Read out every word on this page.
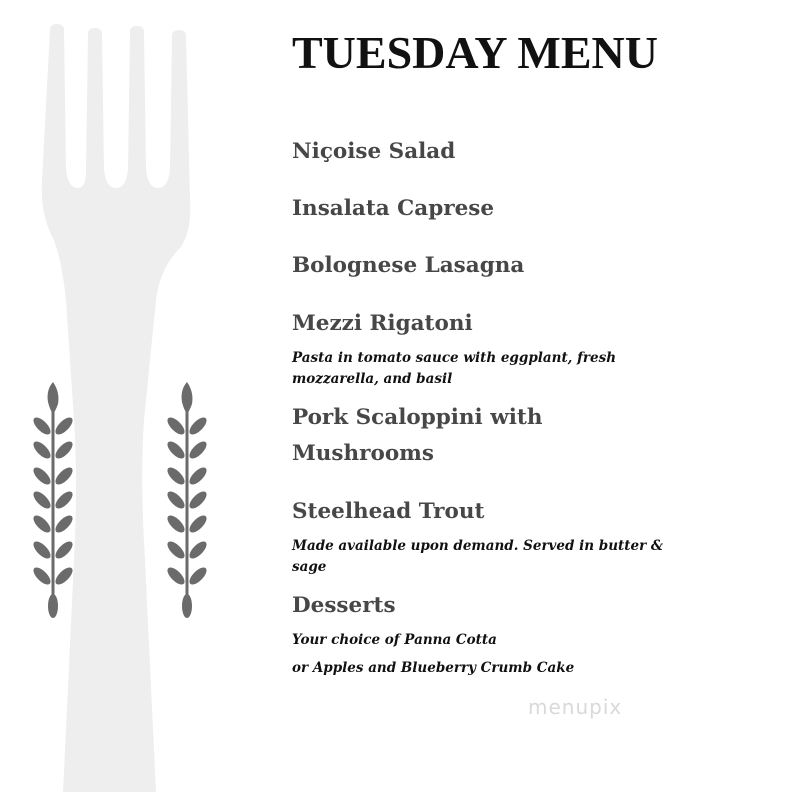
TUESDAY MENU

Niçoise Salad

Insalata Caprese

Bolognese Lasagna

Mezzi Rigatoni

Pasta in tomato sauce with eggplant, fresh mozzarella, and basil

Pork Scaloppini with

Mushrooms

Steelhead Trout

Made available upon demand. Served in butter & sage

Desserts

Your choice of Panna Cotta

or Apples and Blueberry Crumb Cake

menupix
